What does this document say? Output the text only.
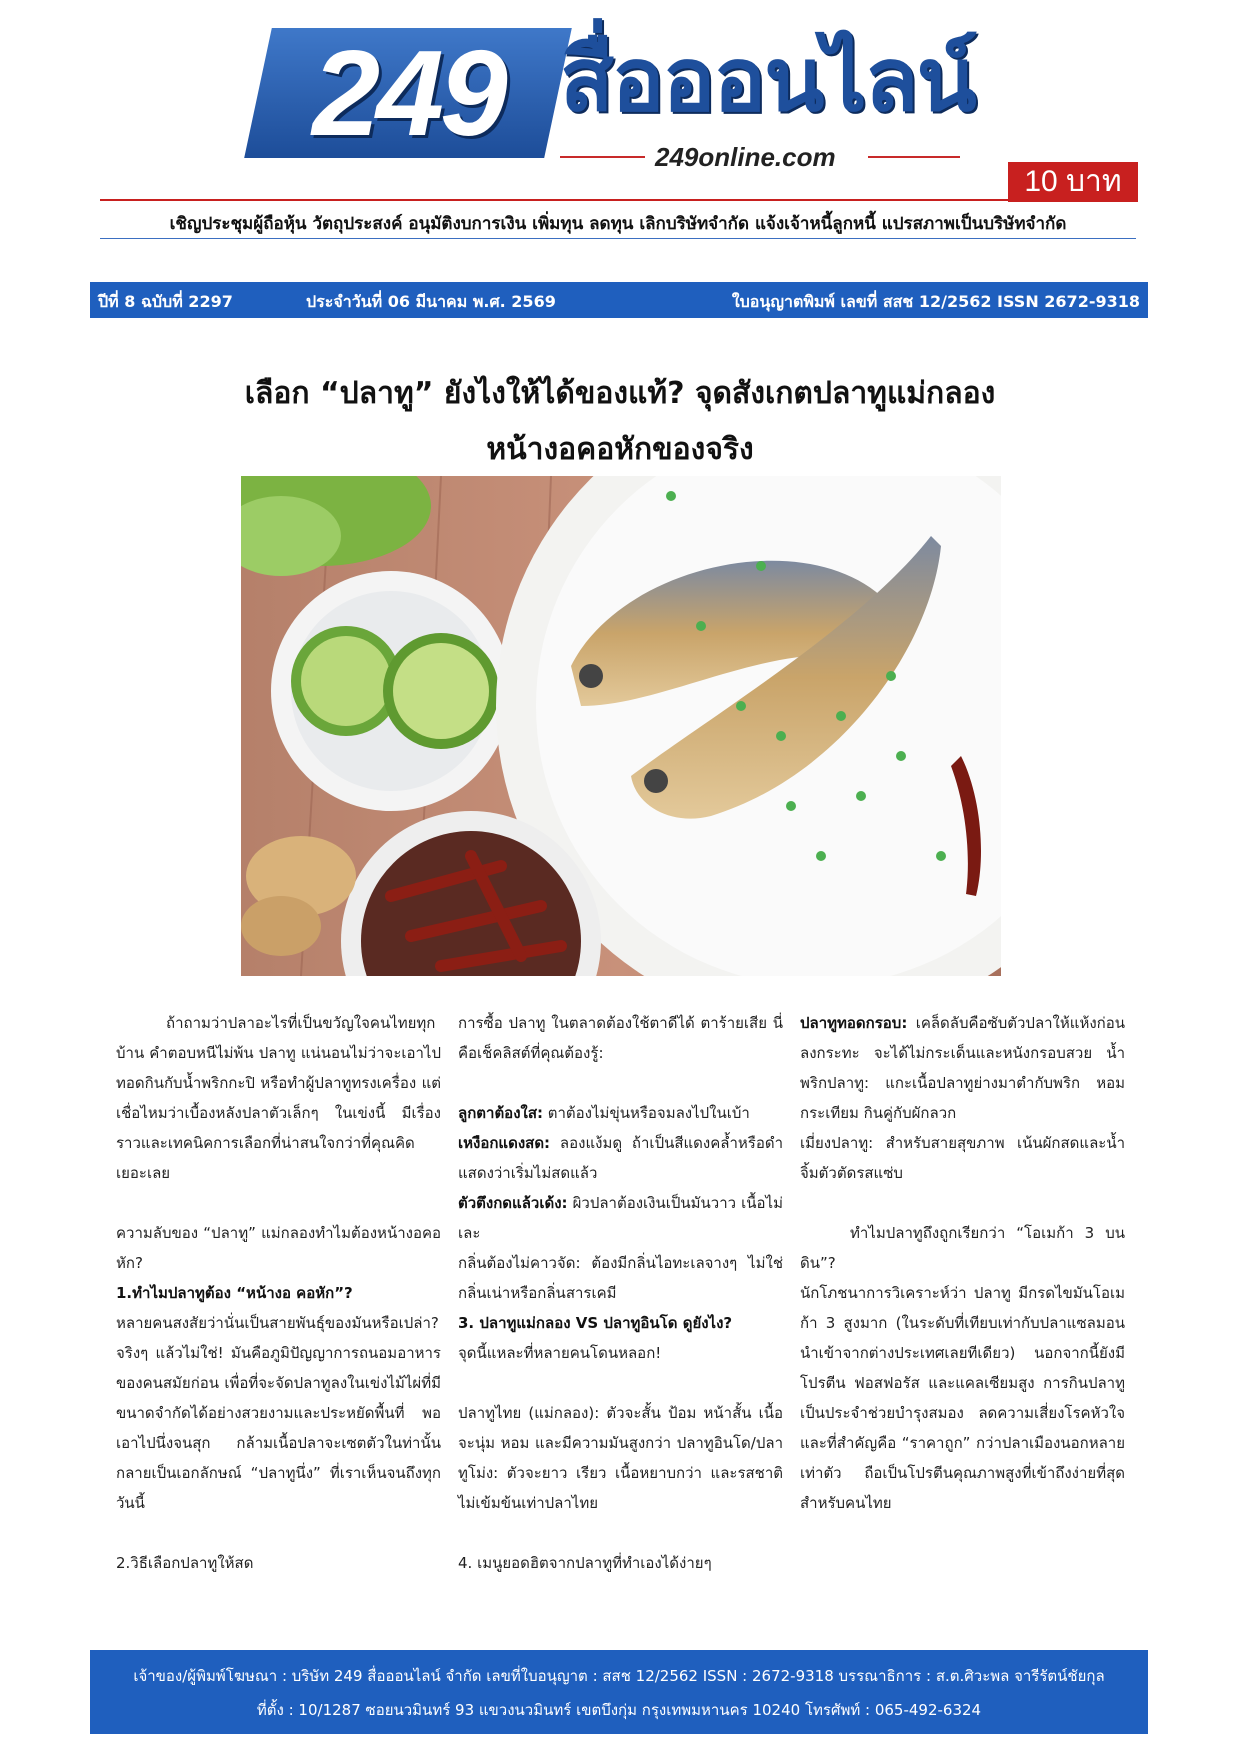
249 สื่อออนไลน์
249online.com
10 บาท
เชิญประชุมผู้ถือหุ้น วัตถุประสงค์ อนุมัติงบการเงิน เพิ่มทุน ลดทุน เลิกบริษัทจำกัด แจ้งเจ้าหนี้ลูกหนี้ แปรสภาพเป็นบริษัทจำกัด
ปีที่ 8 ฉบับที่ 2297	ประจำวันที่ 06 มีนาคม พ.ศ. 2569	ใบอนุญาตพิมพ์ เลขที่ สสช 12/2562 ISSN 2672-9318
เลือก “ปลาทู” ยังไงให้ได้ของแท้? จุดสังเกตปลาทูแม่กลอง
หน้างอคอหักของจริง

ถ้าถามว่าปลาอะไรที่เป็นขวัญใจคนไทยทุกบ้าน คำตอบหนีไม่พ้น ปลาทู แน่นอนไม่ว่าจะเอาไปทอดกินกับน้ำพริกกะปิ หรือทำผู้ปลาทูทรงเครื่อง แต่เชื่อไหมว่าเบื้องหลังปลาตัวเล็กๆ ในเข่งนี้ มีเรื่องราวและเทคนิคการเลือกที่น่าสนใจกว่าที่คุณคิดเยอะเลย

ความลับของ “ปลาทู” แม่กลองทำไมต้องหน้างอคอหัก?

1.ทำไมปลาทูต้อง “หน้างอ คอหัก”?

หลายคนสงสัยว่านั่นเป็นสายพันธุ์ของมันหรือเปล่า? จริงๆ แล้วไม่ใช่! มันคือภูมิปัญญาการถนอมอาหารของคนสมัยก่อน เพื่อที่จะจัดปลาทูลงในเข่งไม้ไผ่ที่มีขนาดจำกัดได้อย่างสวยงามและประหยัดพื้นที่ พอเอาไปนึ่งจนสุก กล้ามเนื้อปลาจะเซตตัวในท่านั้น กลายเป็นเอกลักษณ์ “ปลาทูนึ่ง” ที่เราเห็นจนถึงทุกวันนี้

2.วิธีเลือกปลาทูให้สด

การซื้อ ปลาทู ในตลาดต้องใช้ตาดีได้ ตาร้ายเสีย นี่คือเช็คลิสต์ที่คุณต้องรู้:

ลูกตาต้องใส: ตาต้องไม่ขุ่นหรือจมลงไปในเบ้า

เหงือกแดงสด: ลองแง้มดู ถ้าเป็นสีแดงคล้ำหรือดำแสดงว่าเริ่มไม่สดแล้ว

ตัวตึงกดแล้วเด้ง: ผิวปลาต้องเงินเป็นมันวาว เนื้อไม่เละ

กลิ่นต้องไม่คาวจัด: ต้องมีกลิ่นไอทะเลจางๆ ไม่ใช่กลิ่นเน่าหรือกลิ่นสารเคมี

3. ปลาทูแม่กลอง VS ปลาทูอินโด ดูยังไง?

จุดนี้แหละที่หลายคนโดนหลอก!

ปลาทูไทย (แม่กลอง): ตัวจะสั้น ป้อม หน้าสั้น เนื้อจะนุ่ม หอม และมีความมันสูงกว่า ปลาทูอินโด/ปลาทูโม่ง: ตัวจะยาว เรียว เนื้อหยาบกว่า และรสชาติไม่เข้มข้นเท่าปลาไทย

4. เมนูยอดฮิตจากปลาทูที่ทำเองได้ง่ายๆ

ปลาทูทอดกรอบ: เคล็ดลับคือซับตัวปลาให้แห้งก่อนลงกระทะ จะได้ไม่กระเด็นและหนังกรอบสวย น้ำพริกปลาทู: แกะเนื้อปลาทูย่างมาตำกับพริก หอม กระเทียม กินคู่กับผักลวก

เมี่ยงปลาทู: สำหรับสายสุขภาพ เน้นผักสดและน้ำจิ้มตัวตัดรสแซ่บ

ทำไมปลาทูถึงถูกเรียกว่า “โอเมก้า 3 บนดิน”?

นักโภชนาการวิเคราะห์ว่า ปลาทู มีกรดไขมันโอเมก้า 3 สูงมาก (ในระดับที่เทียบเท่ากับปลาแซลมอนนำเข้าจากต่างประเทศเลยทีเดียว) นอกจากนี้ยังมีโปรตีน ฟอสฟอรัส และแคลเซียมสูง การกินปลาทูเป็นประจำช่วยบำรุงสมอง ลดความเสี่ยงโรคหัวใจ และที่สำคัญคือ “ราคาถูก” กว่าปลาเมืองนอกหลายเท่าตัว ถือเป็นโปรตีนคุณภาพสูงที่เข้าถึงง่ายที่สุดสำหรับคนไทย

เจ้าของ/ผู้พิมพ์โฆษณา : บริษัท 249 สื่อออนไลน์ จำกัด เลขที่ใบอนุญาต : สสช 12/2562 ISSN : 2672-9318 บรรณาธิการ : ส.ต.ศิวะพล จารีรัตน์ชัยกุล
ที่ตั้ง : 10/1287 ซอยนวมินทร์ 93 แขวงนวมินทร์ เขตบึงกุ่ม กรุงเทพมหานคร 10240 โทรศัพท์ : 065-492-6324
